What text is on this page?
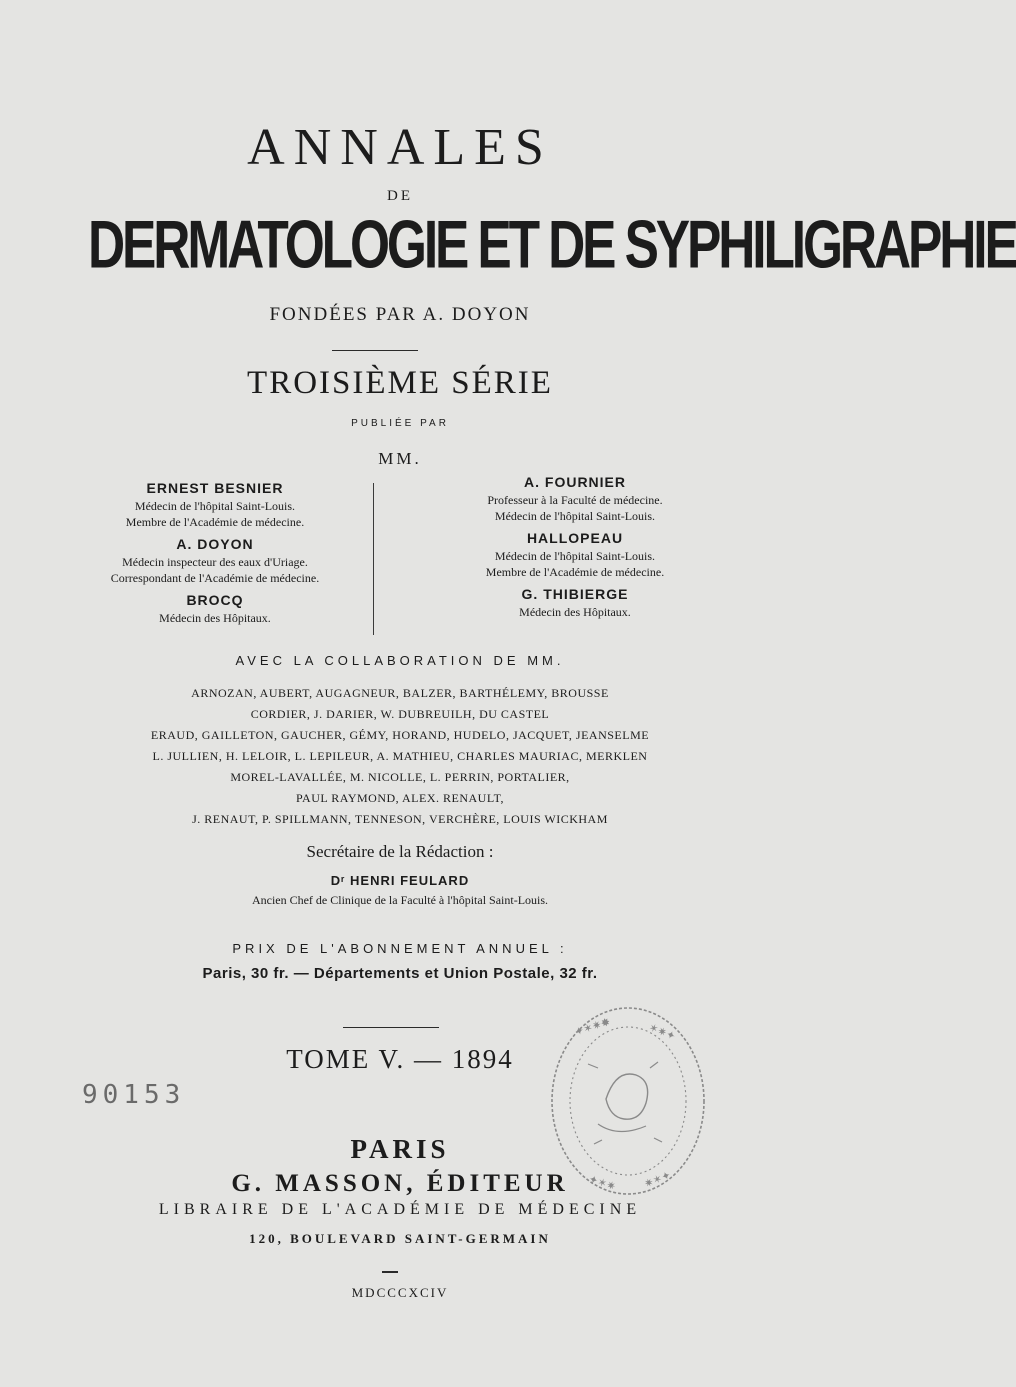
ANNALES
DE
DERMATOLOGIE ET DE SYPHILIGRAPHIE
FONDÉES PAR A. DOYON
TROISIÈME SÉRIE
PUBLIÉE PAR
MM.
ERNEST BESNIER
Médecin de l'hôpital Saint-Louis.
Membre de l'Académie de médecine.
A. DOYON
Médecin inspecteur des eaux d'Uriage.
Correspondant de l'Académie de médecine.
BROCQ
Médecin des Hôpitaux.
A. FOURNIER
Professeur à la Faculté de médecine.
Médecin de l'hôpital Saint-Louis.
HALLOPEAU
Médecin de l'hôpital Saint-Louis.
Membre de l'Académie de médecine.
G. THIBIERGE
Médecin des Hôpitaux.
AVEC LA COLLABORATION DE MM.
ARNOZAN, AUBERT, AUGAGNEUR, BALZER, BARTHÉLEMY, BROUSSE
CORDIER, J. DARIER, W. DUBREUILH, DU CASTEL
ERAUD, GAILLETON, GAUCHER, GÉMY, HORAND, HUDELO, JACQUET, JEANSELME
L. JULLIEN, H. LELOIR, L. LEPILEUR, A. MATHIEU, CHARLES MAURIAC, MERKLEN
MOREL-LAVALLÉE, M. NICOLLE, L. PERRIN, PORTALIER,
PAUL RAYMOND, ALEX. RENAULT,
J. RENAUT, P. SPILLMANN, TENNESON, VERCHÈRE, LOUIS WICKHAM
Secrétaire de la Rédaction :
Dʳ HENRI FEULARD
Ancien Chef de Clinique de la Faculté à l'hôpital Saint-Louis.
PRIX DE L'ABONNEMENT ANNUEL :
Paris, 30 fr. — Départements et Union Postale, 32 fr.
TOME V. — 1894
90153
✦✶✷✸	✶✷✦
✦✶✷ ✷✶✦
PARIS
G. MASSON, ÉDITEUR
LIBRAIRE DE L'ACADÉMIE DE MÉDECINE
120, BOULEVARD SAINT-GERMAIN
MDCCCXCIV
